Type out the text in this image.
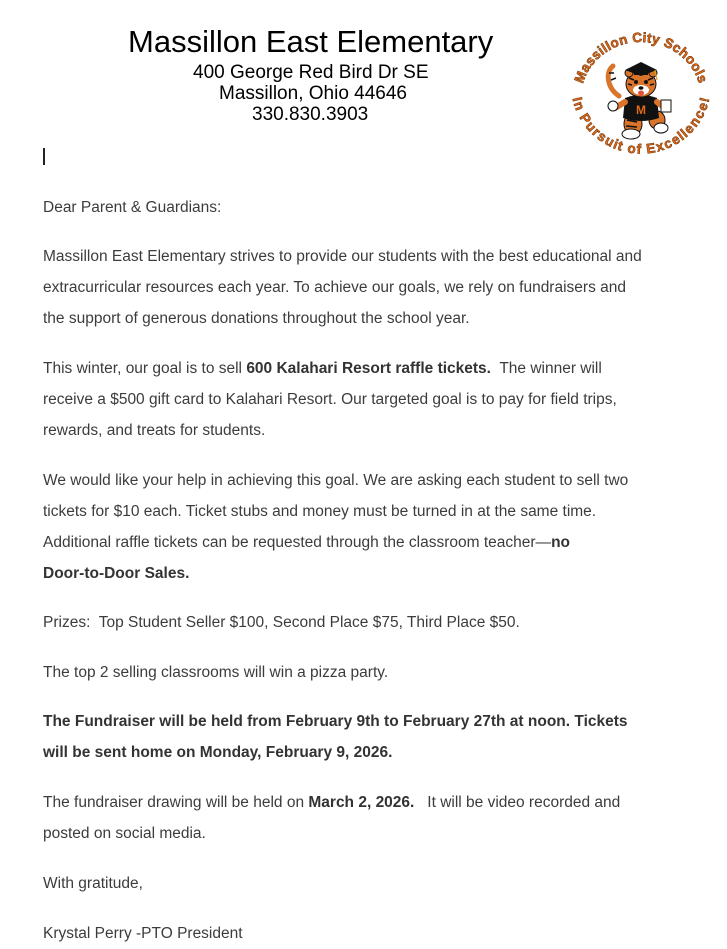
Massillon East Elementary
400 George Red Bird Dr SE
Massillon, Ohio 44646
330.830.3903
Massillon City Schools
In Pursuit of Excellence!
M

Dear Parent & Guardians:

Massillon East Elementary strives to provide our students with the best educational and
extracurricular resources each year. To achieve our goals, we rely on fundraisers and
the support of generous donations throughout the school year.
This winter, our goal is to sell 600 Kalahari Resort raffle tickets.  The winner will
receive a $500 gift card to Kalahari Resort. Our targeted goal is to pay for field trips,
rewards, and treats for students.
We would like your help in achieving this goal. We are asking each student to sell two
tickets for $10 each. Ticket stubs and money must be turned in at the same time.
Additional raffle tickets can be requested through the classroom teacher—no
Door-to-Door Sales.

Prizes:  Top Student Seller $100, Second Place $75, Third Place $50.

The top 2 selling classrooms will win a pizza party.

The Fundraiser will be held from February 9th to February 27th at noon. Tickets
will be sent home on Monday, February 9, 2026.
The fundraiser drawing will be held on March 2, 2026.   It will be video recorded and
posted on social media.

With gratitude,

Krystal Perry -PTO President
